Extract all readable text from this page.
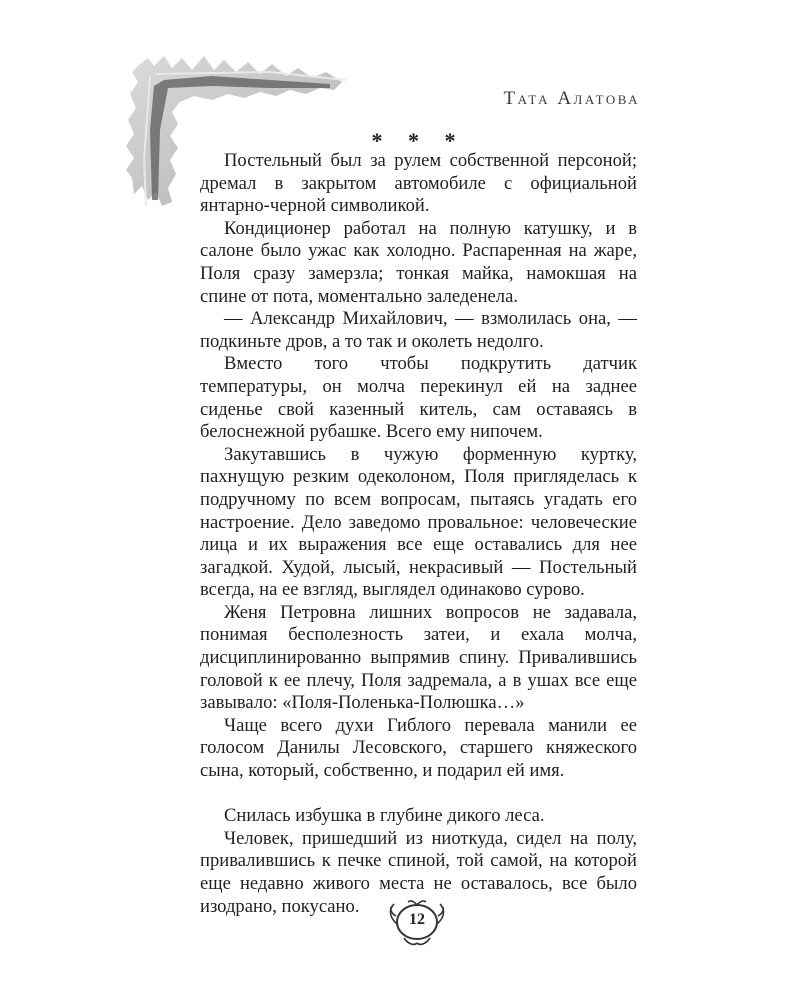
Тата Алатова
* * *

Постельный был за рулем собственной персоной; дремал в закрытом автомобиле с официальной янтарно-черной символикой.

Кондиционер работал на полную катушку, и в салоне было ужас как холодно. Распаренная на жаре, Поля сразу замерзла; тонкая майка, намокшая на спине от пота, моментально заледенела.

— Александр Михайлович, — взмолилась она, — подкиньте дров, а то так и околеть недолго.

Вместо того чтобы подкрутить датчик температуры, он молча перекинул ей на заднее сиденье свой казенный китель, сам оставаясь в белоснежной рубашке. Всего ему нипочем.

Закутавшись в чужую форменную куртку, пахнущую резким одеколоном, Поля пригляделась к подручному по всем вопросам, пытаясь угадать его настроение. Дело заведомо провальное: человеческие лица и их выражения все еще оставались для нее загадкой. Худой, лысый, некрасивый — Постельный всегда, на ее взгляд, выглядел одинаково сурово.

Женя Петровна лишних вопросов не задавала, понимая бесполезность затеи, и ехала молча, дисциплинированно выпрямив спину. Привалившись головой к ее плечу, Поля задремала, а в ушах все еще завывало: «Поля-Поленька-Полюшка…»

Чаще всего духи Гиблого перевала манили ее голосом Данилы Лесовского, старшего княжеского сына, который, собственно, и подарил ей имя.

Снилась избушка в глубине дикого леса.

Человек, пришедший из ниоткуда, сидел на полу, привалившись к печке спиной, той самой, на которой еще недавно живого места не оставалось, все было изодрано, покусано.

12
